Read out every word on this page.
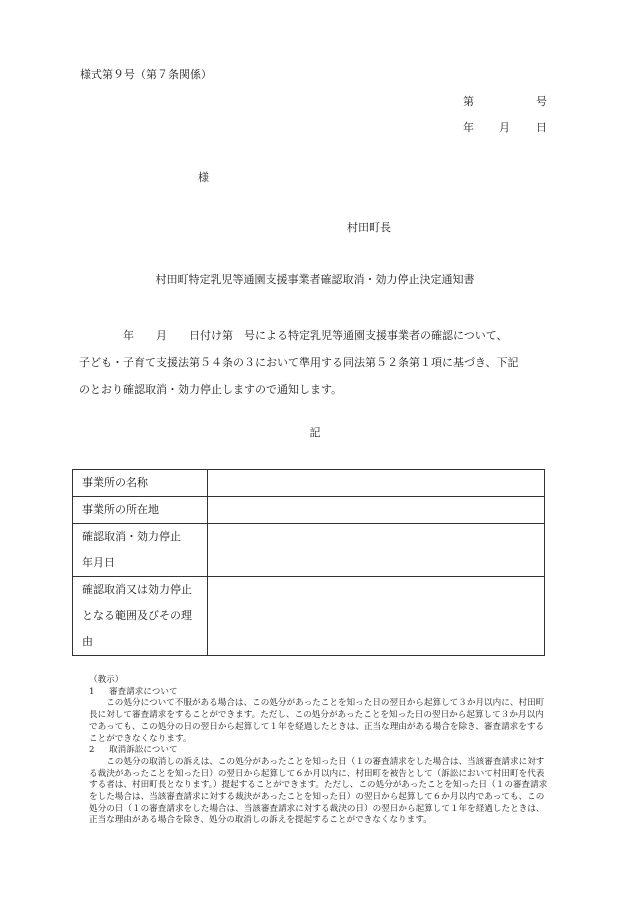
様式第９号（第７条関係）
第	号
年 月 日
様
村田町長
村田町特定乳児等通園支援事業者確認取消・効力停止決定通知書

　　　　年　　月　　日付け第　号による特定乳児等通園支援事業者の確認について、

子ども・子育て支援法第５４条の３において準用する同法第５２条第１項に基づき、下記

のとおり確認取消・効力停止しますので通知します。

記
事業所の名称	

事業所の所在地	

確認取消・効力停止
年月日	

確認取消又は効力停止
となる範囲及びその理
由	

（教示）

1 審査請求について

この処分について不服がある場合は、この処分があったことを知った日の翌日から起算して３か月以内に、村田町長に対して審査請求をすることができます。ただし、この処分があったことを知った日の翌日から起算して３か月以内であっても、この処分の日の翌日から起算して１年を経過したときは、正当な理由がある場合を除き、審査請求をすることができなくなります。

2 取消訴訟について

この処分の取消しの訴えは、この処分があったことを知った日（１の審査請求をした場合は、当該審査請求に対する裁決があったことを知った日）の翌日から起算して６か月以内に、村田町を被告として（訴訟において村田町を代表する者は、村田町長となります。）提起することができます。ただし、この処分があったことを知った日（１の審査請求をした場合は、当該審査請求に対する裁決があったことを知った日）の翌日から起算して６か月以内であっても、この処分の日（１の審査請求をした場合は、当該審査請求に対する裁決の日）の翌日から起算して１年を経過したときは、正当な理由がある場合を除き、処分の取消しの訴えを提起することができなくなります。
